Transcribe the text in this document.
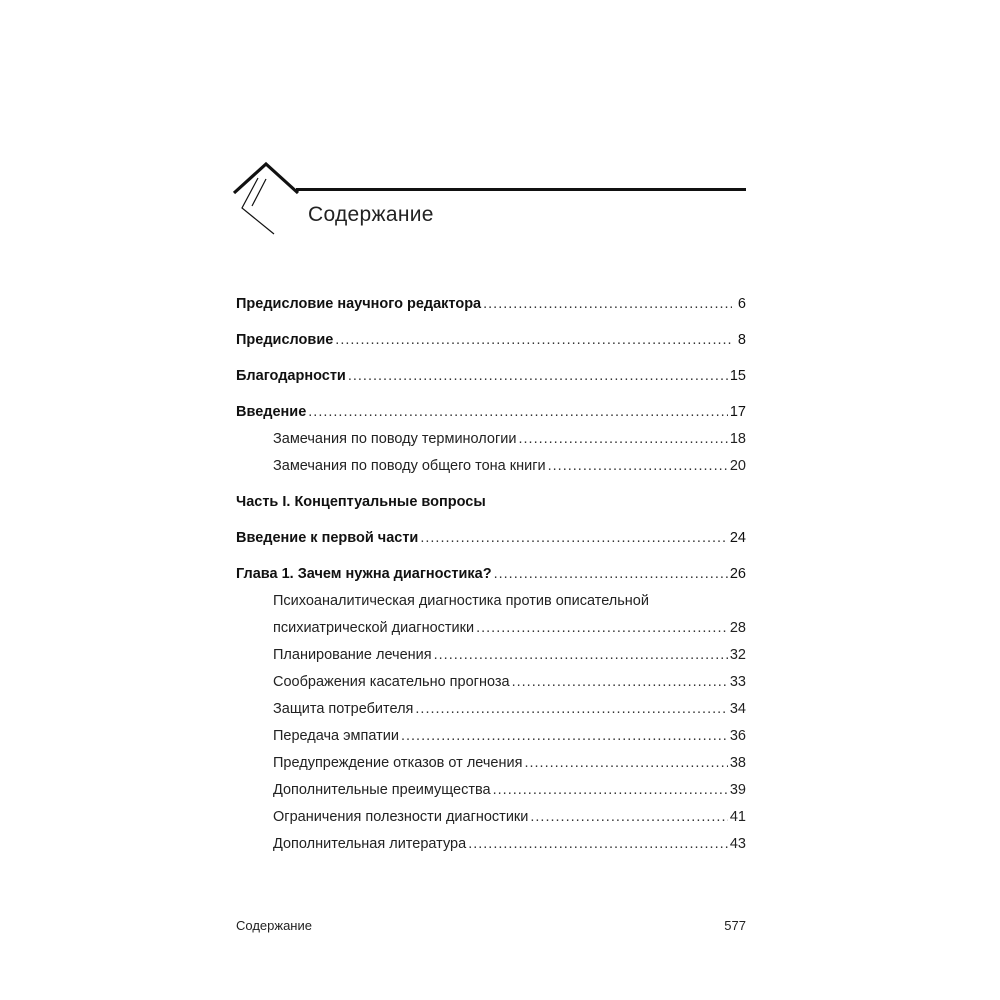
Содержание
Предисловие научного редактора .....	6
Предисловие .....	8
Благодарности .....	15
Введение .....	17
Замечания по поводу терминологии .....	18
Замечания по поводу общего тона книги .....	20
Часть I. Концептуальные вопросы
Введение к первой части .....	24
Глава 1. Зачем нужна диагностика? .....	26
Психоаналитическая диагностика против описательной
психиатрической диагностики .....	28
Планирование лечения .....	32
Соображения касательно прогноза .....	33
Защита потребителя .....	34
Передача эмпатии .....	36
Предупреждение отказов от лечения .....	38
Дополнительные преимущества .....	39
Ограничения полезности диагностики .....	41
Дополнительная литература .....	43
Содержание	577
